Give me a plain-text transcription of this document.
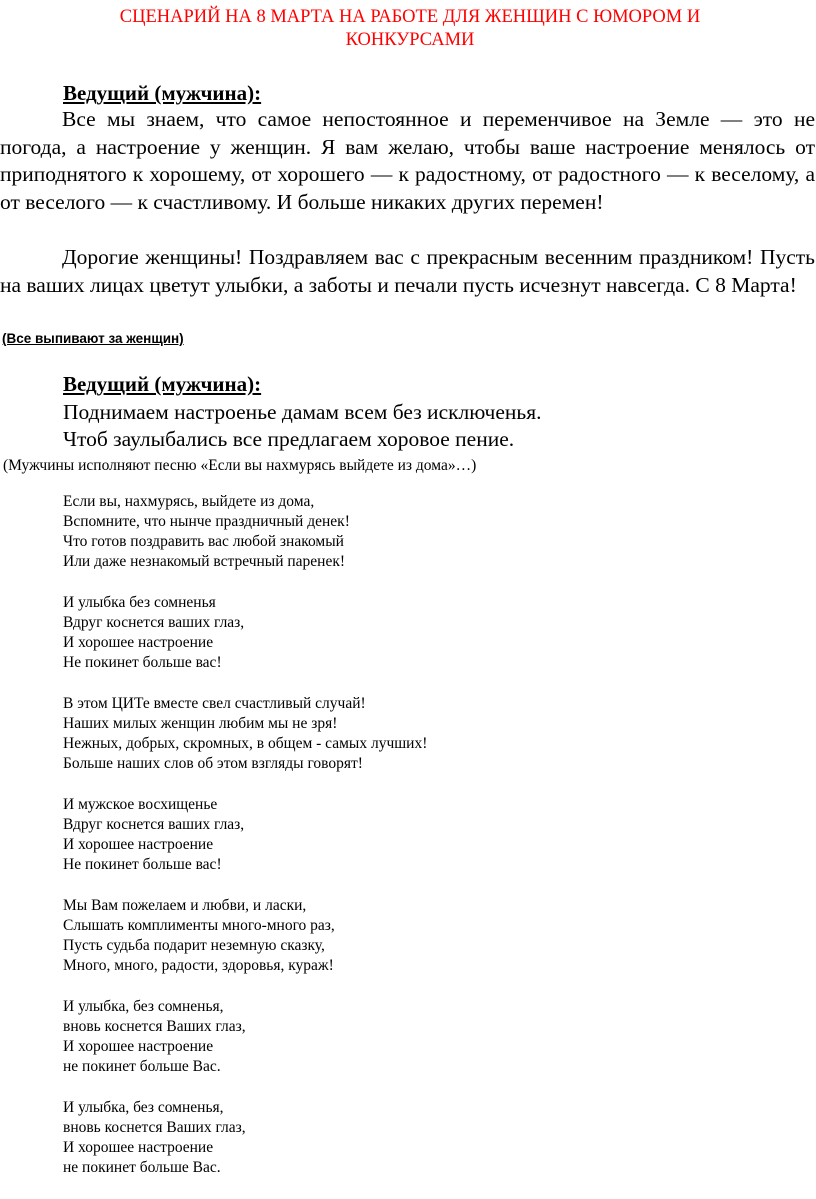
СЦЕНАРИЙ НА 8 МАРТА НА РАБОТЕ ДЛЯ ЖЕНЩИН С ЮМОРОМ И КОНКУРСАМИ
Ведущий (мужчина):
Все мы знаем, что самое непостоянное и переменчивое на Земле — это не погода, а настроение у женщин. Я вам желаю, чтобы ваше настроение менялось от приподнятого к хорошему, от хорошего — к радостному, от радостного — к веселому, а от веселого — к счастливому. И больше никаких других перемен!
Дорогие женщины! Поздравляем вас с прекрасным весенним праздником! Пусть на ваших лицах цветут улыбки, а заботы и печали пусть исчезнут навсегда. С 8 Марта!
(Все выпивают за женщин)
Ведущий (мужчина):
Поднимаем настроенье дамам всем без исключенья.
Чтоб заулыбались все предлагаем хоровое пение.
(Мужчины исполняют песню «Если вы нахмурясь выйдете из дома»…)
Если вы, нахмурясь, выйдете из дома,
Вспомните, что нынче праздничный денек!
Что готов поздравить вас любой знакомый
Или даже незнакомый встречный паренек!
И улыбка без сомненья
Вдруг коснется ваших глаз,
И хорошее настроение
Не покинет больше вас!
В этом ЦИТе вместе свел счастливый случай!
Наших милых женщин любим мы не зря!
Нежных, добрых, скромных, в общем - самых лучших!
Больше наших слов об этом взгляды говорят!
И мужское восхищенье
Вдруг коснется ваших глаз,
И хорошее настроение
Не покинет больше вас!
Мы Вам пожелаем и любви, и ласки,
Слышать комплименты много-много раз,
Пусть судьба подарит неземную сказку,
Много, много, радости, здоровья, кураж!
И улыбка, без сомненья,
вновь коснется Ваших глаз,
И хорошее настроение
не покинет больше Вас.
И улыбка, без сомненья,
вновь коснется Ваших глаз,
И хорошее настроение
не покинет больше Вас.
